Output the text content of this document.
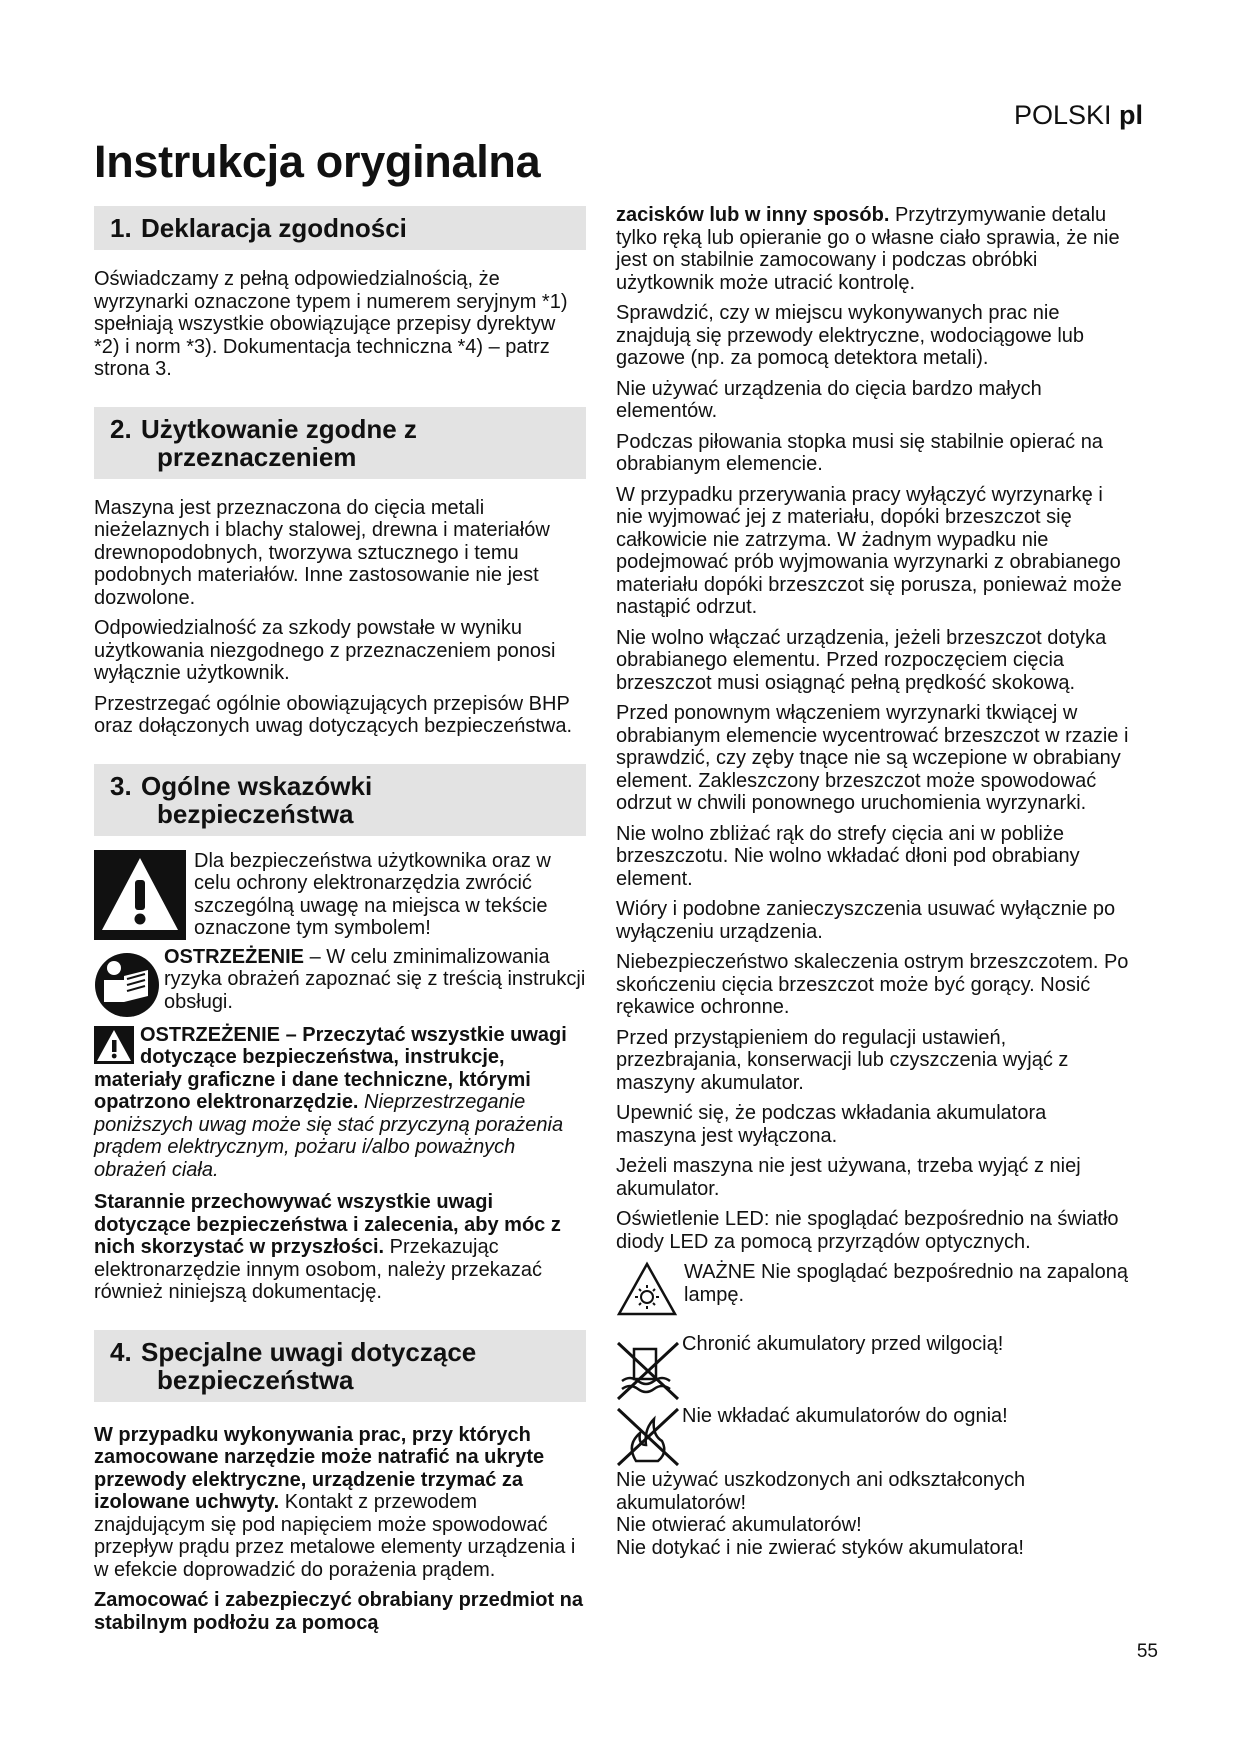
POLSKI pl
Instrukcja oryginalna
1. Deklaracja zgodności

Oświadczamy z pełną odpowiedzialnością, że wyrzynarki oznaczone typem i numerem seryjnym *1) spełniają wszystkie obowiązujące przepisy dyrektyw *2) i norm *3). Dokumentacja techniczna *4) – patrz strona 3.

2. Użytkowanie zgodne z
przeznaczeniem

Maszyna jest przeznaczona do cięcia metali nieżelaznych i blachy stalowej, drewna i materiałów drewnopodobnych, tworzywa sztucznego i temu podobnych materiałów. Inne zastosowanie nie jest dozwolone.

Odpowiedzialność za szkody powstałe w wyniku użytkowania niezgodnego z przeznaczeniem ponosi wyłącznie użytkownik.

Przestrzegać ogólnie obowiązujących przepisów BHP oraz dołączonych uwag dotyczących bezpieczeństwa.

3. Ogólne wskazówki
bezpieczeństwa
Dla bezpieczeństwa użytkownika oraz w celu ochrony elektronarzędzia zwrócić szczególną uwagę na miejsca w tekście oznaczone tym symbolem!
OSTRZEŻENIE – W celu zminimalizowania ryzyka obrażeń zapoznać się z treścią instrukcji obsługi.

OSTRZEŻENIE – Przeczytać wszystkie uwagi dotyczące bezpieczeństwa, instrukcje, materiały graficzne i dane techniczne, którymi opatrzono elektronarzędzie. Nieprzestrzeganie poniższych uwag może się stać przyczyną porażenia prądem elektrycznym, pożaru i/albo poważnych obrażeń ciała.

Starannie przechowywać wszystkie uwagi dotyczące bezpieczeństwa i zalecenia, aby móc z nich skorzystać w przyszłości. Przekazując elektronarzędzie innym osobom, należy przekazać również niniejszą dokumentację.

4. Specjalne uwagi dotyczące
bezpieczeństwa

W przypadku wykonywania prac, przy których zamocowane narzędzie może natrafić na ukryte przewody elektryczne, urządzenie trzymać za izolowane uchwyty. Kontakt z przewodem znajdującym się pod napięciem może spowodować przepływ prądu przez metalowe elementy urządzenia i w efekcie doprowadzić do porażenia prądem.

Zamocować i zabezpieczyć obrabiany przedmiot na stabilnym podłożu za pomocą

zacisków lub w inny sposób. Przytrzymywanie detalu tylko ręką lub opieranie go o własne ciało sprawia, że nie jest on stabilnie zamocowany i podczas obróbki użytkownik może utracić kontrolę.

Sprawdzić, czy w miejscu wykonywanych prac nie znajdują się przewody elektryczne, wodociągowe lub gazowe (np. za pomocą detektora metali).

Nie używać urządzenia do cięcia bardzo małych elementów.

Podczas piłowania stopka musi się stabilnie opierać na obrabianym elemencie.

W przypadku przerywania pracy wyłączyć wyrzynarkę i nie wyjmować jej z materiału, dopóki brzeszczot się całkowicie nie zatrzyma. W żadnym wypadku nie podejmować prób wyjmowania wyrzynarki z obrabianego materiału dopóki brzeszczot się porusza, ponieważ może nastąpić odrzut.

Nie wolno włączać urządzenia, jeżeli brzeszczot dotyka obrabianego elementu. Przed rozpoczęciem cięcia brzeszczot musi osiągnąć pełną prędkość skokową.

Przed ponownym włączeniem wyrzynarki tkwiącej w obrabianym elemencie wycentrować brzeszczot w rzazie i sprawdzić, czy zęby tnące nie są wczepione w obrabiany element. Zakleszczony brzeszczot może spowodować odrzut w chwili ponownego uruchomienia wyrzynarki.

Nie wolno zbliżać rąk do strefy cięcia ani w pobliże brzeszczotu. Nie wolno wkładać dłoni pod obrabiany element.

Wióry i podobne zanieczyszczenia usuwać wyłącznie po wyłączeniu urządzenia.

Niebezpieczeństwo skaleczenia ostrym brzeszczotem. Po skończeniu cięcia brzeszczot może być gorący. Nosić rękawice ochronne.

Przed przystąpieniem do regulacji ustawień, przezbrajania, konserwacji lub czyszczenia wyjąć z maszyny akumulator.

Upewnić się, że podczas wkładania akumulatora maszyna jest wyłączona.

Jeżeli maszyna nie jest używana, trzeba wyjąć z niej akumulator.

Oświetlenie LED: nie spoglądać bezpośrednio na światło diody LED za pomocą przyrządów optycznych.

WAŻNE Nie spoglądać bezpośrednio na zapaloną lampę.
Chronić akumulatory przed wilgocią!
Nie wkładać akumulatorów do ognia!
Nie używać uszkodzonych ani odkształconych akumulatorów!
Nie otwierać akumulatorów!
Nie dotykać i nie zwierać styków akumulatora!
55
